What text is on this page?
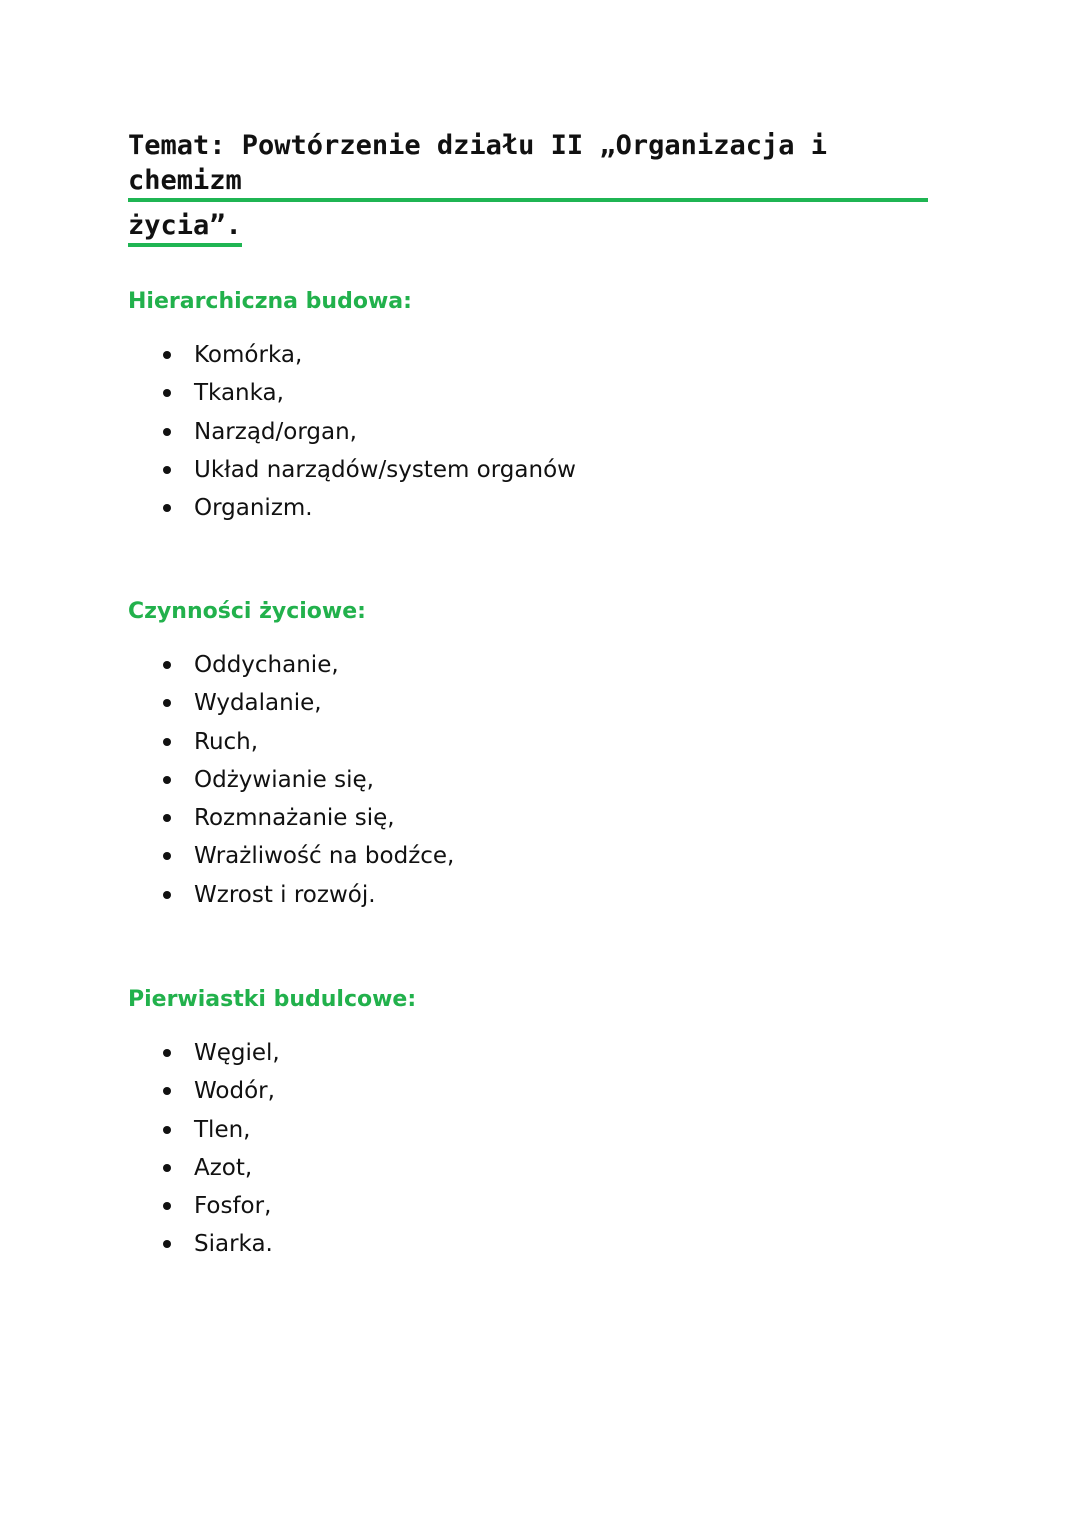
Temat: Powtórzenie działu II „Organizacja i chemizm
życia”.
Hierarchiczna budowa:
Komórka,
Tkanka,
Narząd/organ,
Układ narządów/system organów
Organizm.
Czynności życiowe:
Oddychanie,
Wydalanie,
Ruch,
Odżywianie się,
Rozmnażanie się,
Wrażliwość na bodźce,
Wzrost i rozwój.
Pierwiastki budulcowe:
Węgiel,
Wodór,
Tlen,
Azot,
Fosfor,
Siarka.
